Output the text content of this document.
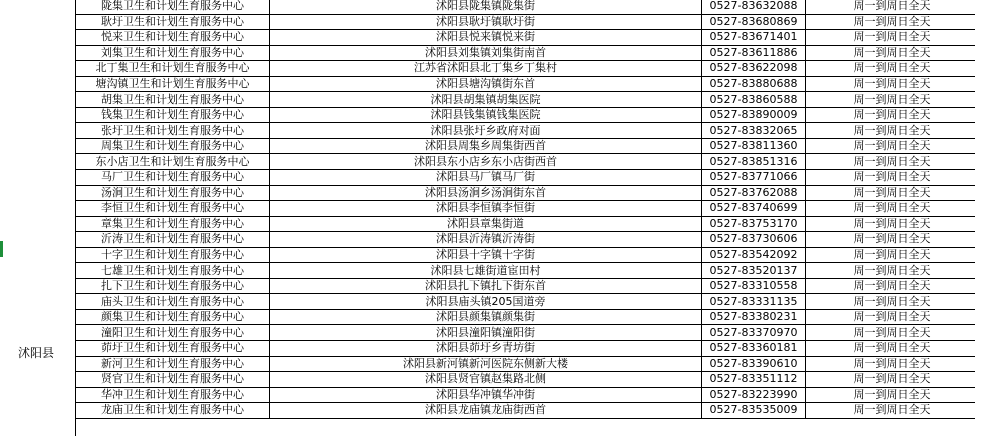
沭阳县
陇集卫生和计划生育服务中心	沭阳县陇集镇陇集街	0527-83632088	周一到周日全天
耿圩卫生和计划生育服务中心	沭阳县耿圩镇耿圩街	0527-83680869	周一到周日全天
悦来卫生和计划生育服务中心	沭阳县悦来镇悦来街	0527-83671401	周一到周日全天
刘集卫生和计划生育服务中心	沭阳县刘集镇刘集街南首	0527-83611886	周一到周日全天
北丁集卫生和计划生育服务中心	江苏省沭阳县北丁集乡丁集村	0527-83622098	周一到周日全天
塘沟镇卫生和计划生育服务中心	沭阳县塘沟镇街东首	0527-83880688	周一到周日全天
胡集卫生和计划生育服务中心	沭阳县胡集镇胡集医院	0527-83860588	周一到周日全天
钱集卫生和计划生育服务中心	沭阳县钱集镇钱集医院	0527-83890009	周一到周日全天
张圩卫生和计划生育服务中心	沭阳县张圩乡政府对面	0527-83832065	周一到周日全天
周集卫生和计划生育服务中心	沭阳县周集乡周集街西首	0527-83811360	周一到周日全天
东小店卫生和计划生育服务中心	沭阳县东小店乡东小店街西首	0527-83851316	周一到周日全天
马厂卫生和计划生育服务中心	沭阳县马厂镇马厂街	0527-83771066	周一到周日全天
汤涧卫生和计划生育服务中心	沭阳县汤涧乡汤涧街东首	0527-83762088	周一到周日全天
李恒卫生和计划生育服务中心	沭阳县李恒镇李恒街	0527-83740699	周一到周日全天
章集卫生和计划生育服务中心	沭阳县章集街道	0527-83753170	周一到周日全天
沂涛卫生和计划生育服务中心	沭阳县沂涛镇沂涛街	0527-83730606	周一到周日全天
十字卫生和计划生育服务中心	沭阳县十字镇十字街	0527-83542092	周一到周日全天
七雄卫生和计划生育服务中心	沭阳县七雄街道宦田村	0527-83520137	周一到周日全天
扎下卫生和计划生育服务中心	沭阳县扎下镇扎下街东首	0527-83310558	周一到周日全天
庙头卫生和计划生育服务中心	沭阳县庙头镇205国道旁	0527-83331135	周一到周日全天
颜集卫生和计划生育服务中心	沭阳县颜集镇颜集街	0527-83380231	周一到周日全天
潼阳卫生和计划生育服务中心	沭阳县潼阳镇潼阳街	0527-83370970	周一到周日全天
茆圩卫生和计划生育服务中心	沭阳县茆圩乡青坊街	0527-83360181	周一到周日全天
新河卫生和计划生育服务中心	沭阳县新河镇新河医院东侧新大楼	0527-83390610	周一到周日全天
贤官卫生和计划生育服务中心	沭阳县贤官镇赵集路北侧	0527-83351112	周一到周日全天
华冲卫生和计划生育服务中心	沭阳县华冲镇华冲街	0527-83223990	周一到周日全天
龙庙卫生和计划生育服务中心	沭阳县龙庙镇龙庙街西首	0527-83535009	周一到周日全天
